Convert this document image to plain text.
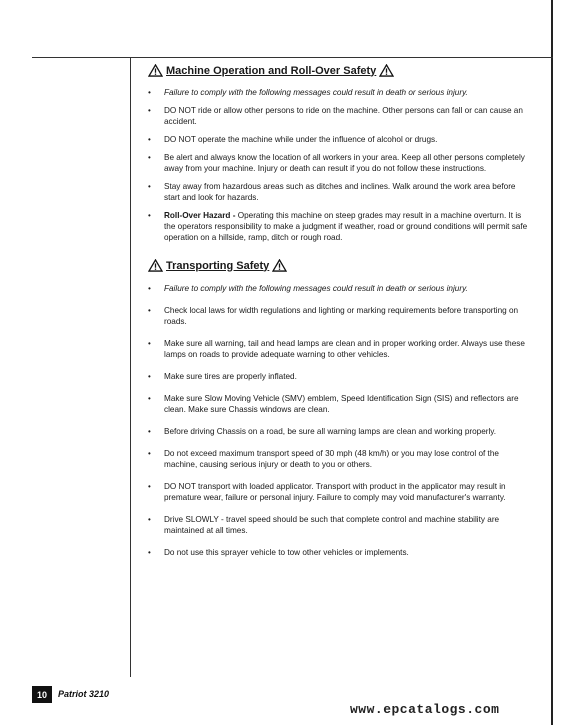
Machine Operation and Roll-Over Safety
• Failure to comply with the following messages could result in death or serious injury.
• DO NOT ride or allow other persons to ride on the machine. Other persons can fall or can cause an accident.
• DO NOT operate the machine while under the influence of alcohol or drugs.
• Be alert and always know the location of all workers in your area. Keep all other persons completely away from your machine. Injury or death can result if you do not follow these instructions.
• Stay away from hazardous areas such as ditches and inclines. Walk around the work area before start and look for hazards.
• Roll-Over Hazard - Operating this machine on steep grades may result in a machine overturn. It is the operators responsibility to make a judgment if weather, road or ground conditions will permit safe operation on a hillside, ramp, ditch or rough road.
Transporting Safety
• Failure to comply with the following messages could result in death or serious injury.
• Check local laws for width regulations and lighting or marking requirements before transporting on roads.
• Make sure all warning, tail and head lamps are clean and in proper working order. Always use these lamps on roads to provide adequate warning to other vehicles.
• Make sure tires are properly inflated.
• Make sure Slow Moving Vehicle (SMV) emblem, Speed Identification Sign (SIS) and reflectors are clean. Make sure Chassis windows are clean.
• Before driving Chassis on a road, be sure all warning lamps are clean and working properly.
• Do not exceed maximum transport speed of 30 mph (48 km/h) or you may lose control of the machine, causing serious injury or death to you or others.
• DO NOT transport with loaded applicator. Transport with product in the applicator may result in premature wear, failure or personal injury. Failure to comply may void manufacturer's warranty.
• Drive SLOWLY - travel speed should be such that complete control and machine stability are maintained at all times.
• Do not use this sprayer vehicle to tow other vehicles or implements.
10	Patriot 3210
www.epcatalogs.com
